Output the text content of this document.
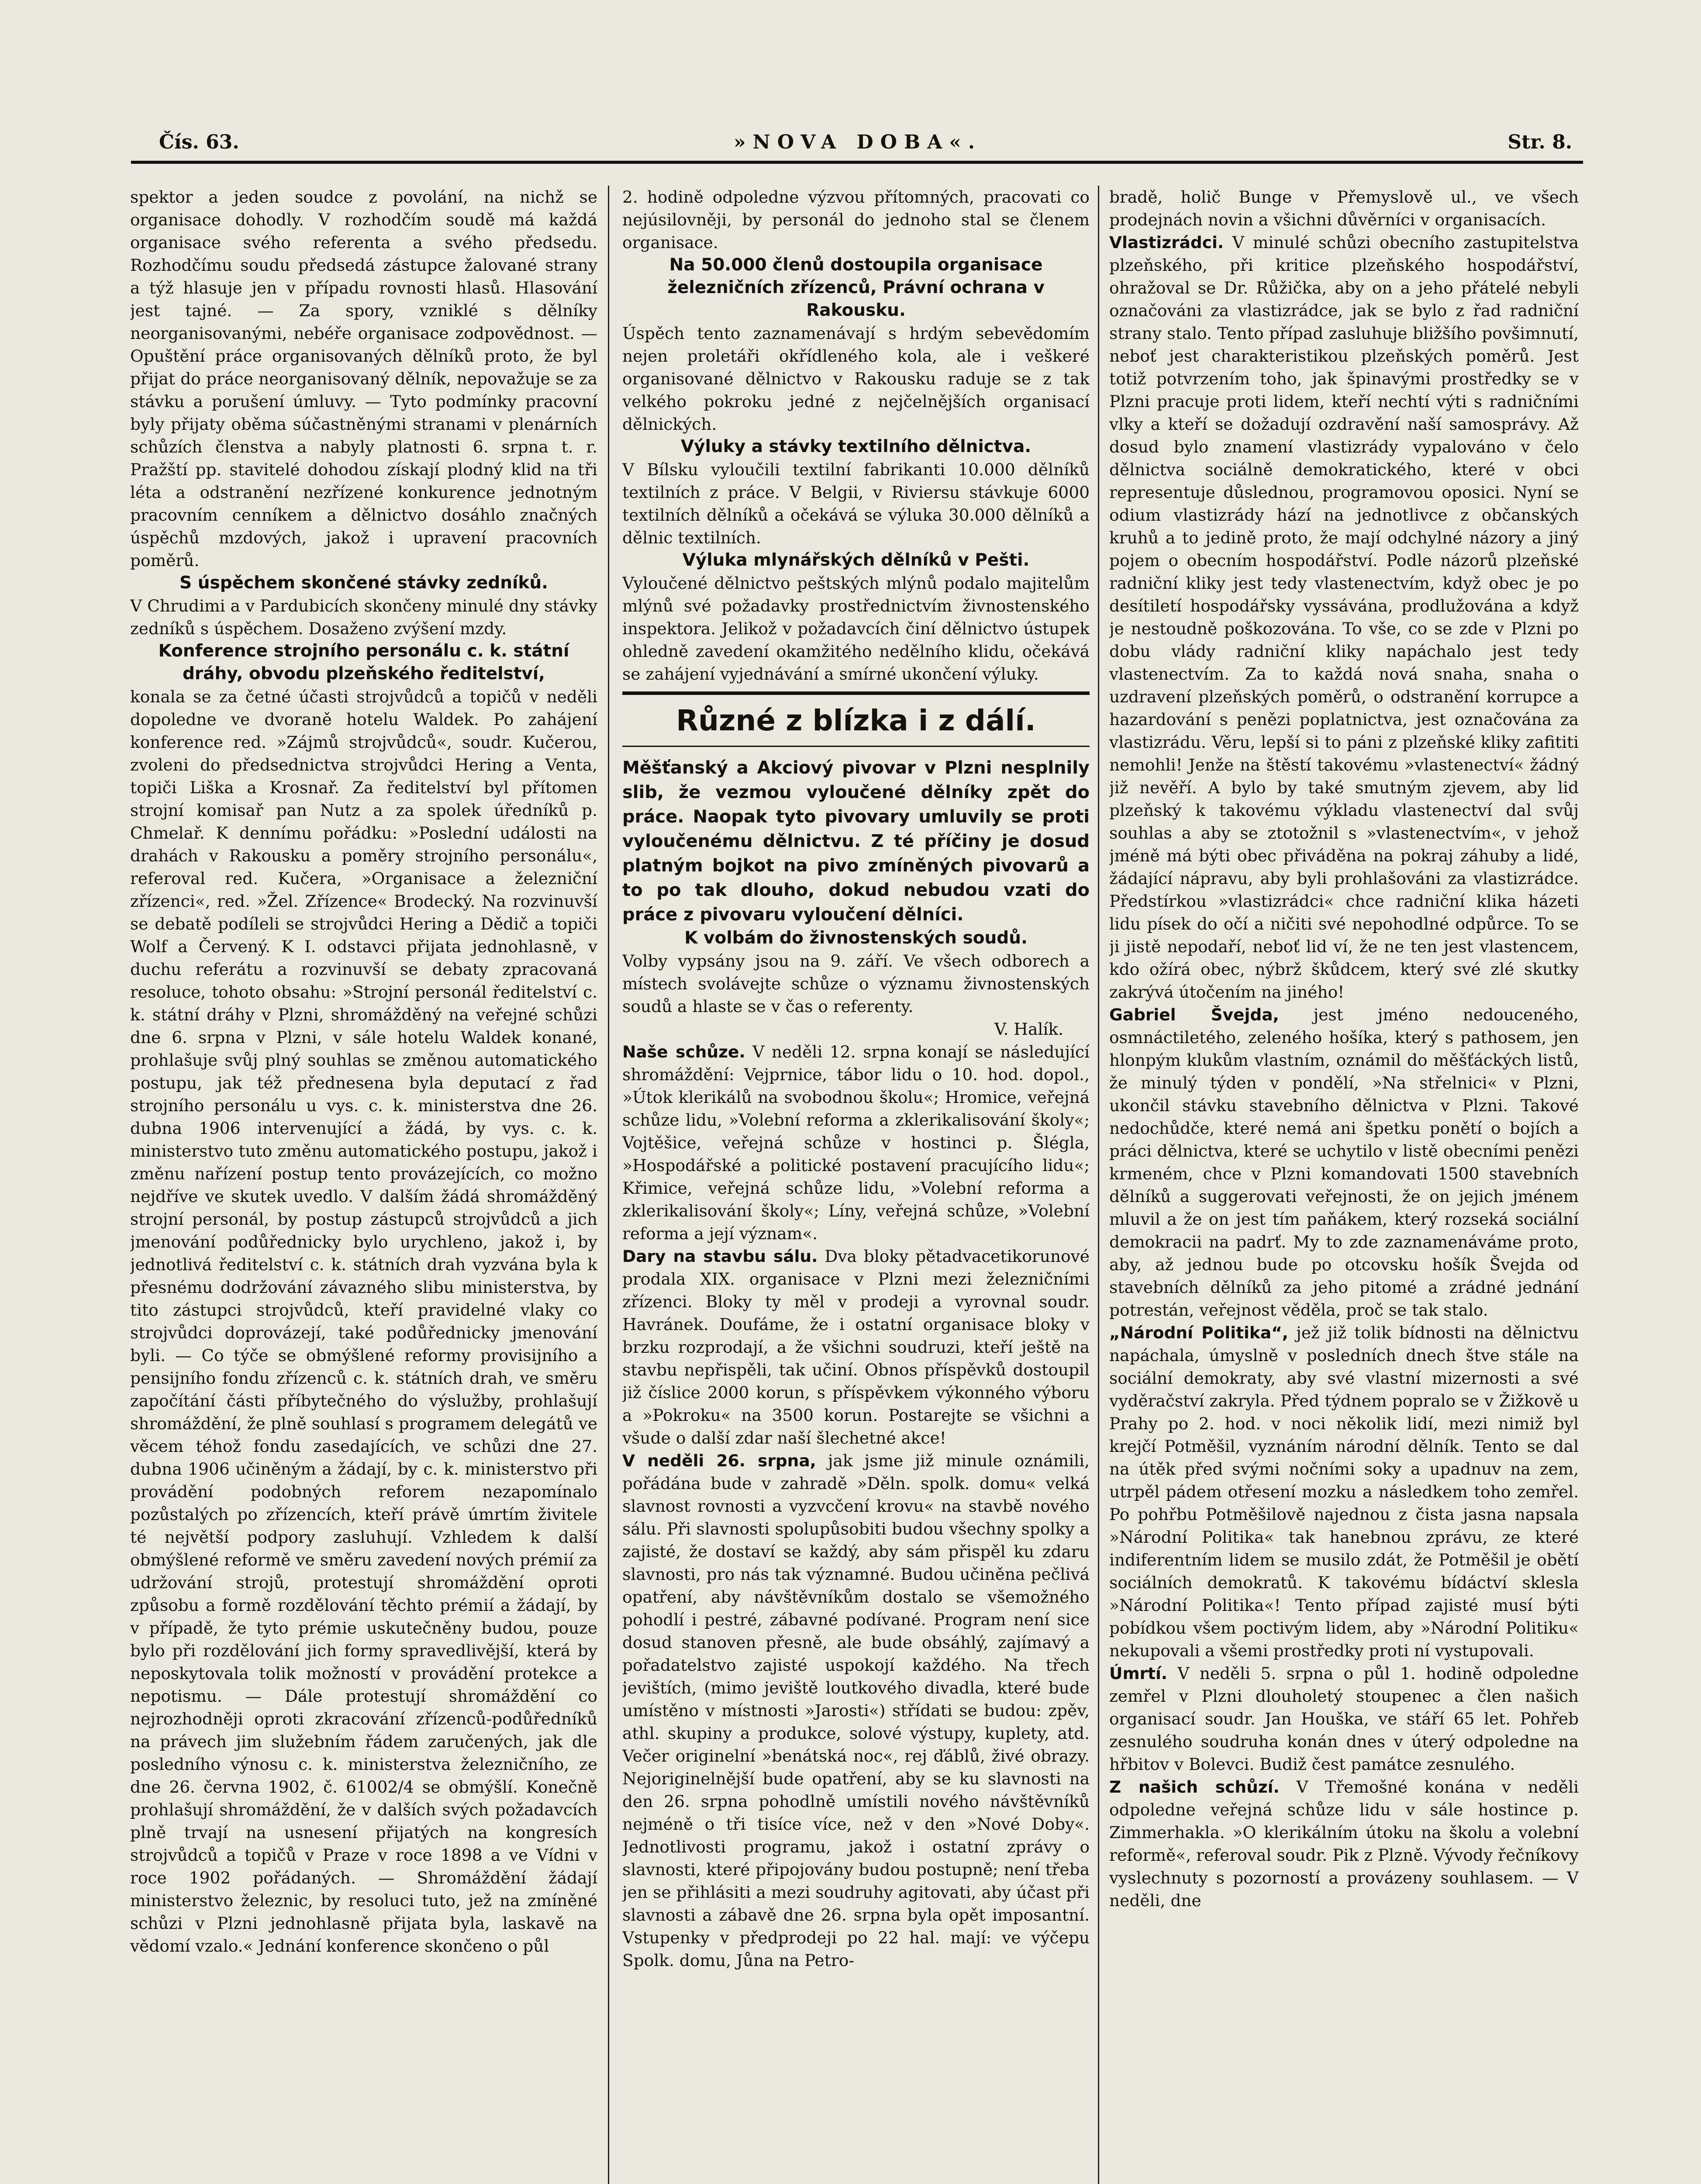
Čís. 63.	»NOVA DOBA«.	Str. 8.

spektor a jeden soudce z povolání, na nichž se organisace dohodly. V rozhodčím soudě má každá organisace svého referenta a svého předsedu. Rozhodčímu soudu předsedá zástupce žalované strany a týž hlasuje jen v případu rovnosti hlasů. Hlasování jest tajné. — Za spory, vzniklé s dělníky neorganisovanými, nebéře organisace zodpovědnost. — Opuštění práce organisovaných dělníků proto, že byl přijat do práce neorganisovaný dělník, nepovažuje se za stávku a porušení úmluvy. — Tyto podmínky pracovní byly přijaty oběma súčastněnými stranami v plenárních schůzích členstva a nabyly platnosti 6. srpna t. r. Pražští pp. stavitelé dohodou získají plodný klid na tři léta a odstranění nezřízené konkurence jednotným pracovním cenníkem a dělnictvo dosáhlo značných úspěchů mzdových, jakož i upravení pracovních poměrů.

S úspěchem skončené stávky zedníků.

V Chrudimi a v Pardubicích skončeny minulé dny stávky zedníků s úspěchem. Dosaženo zvýšení mzdy.

Konference strojního personálu c. k. státní dráhy, obvodu plzeňského ředitelství,

konala se za četné účasti strojvůdců a topičů v neděli dopoledne ve dvoraně hotelu Waldek. Po zahájení konference red. »Zájmů strojvůdců«, soudr. Kučerou, zvoleni do předsednictva strojvůdci Hering a Venta, topiči Liška a Krosnař. Za ředitelství byl přítomen strojní komisař pan Nutz a za spolek úředníků p. Chmelař. K dennímu pořádku: »Poslední události na drahách v Rakousku a poměry strojního personálu«, referoval red. Kučera, »Organisace a železniční zřízenci«, red. »Žel. Zřízence« Brodecký. Na rozvinuvší se debatě podíleli se strojvůdci Hering a Dědič a topiči Wolf a Červený. K I. odstavci přijata jednohlasně, v duchu referátu a rozvinuvší se debaty zpracovaná resoluce, tohoto obsahu: »Strojní personál ředitelství c. k. státní dráhy v Plzni, shromážděný na veřejné schůzi dne 6. srpna v Plzni, v sále hotelu Waldek konané, prohlašuje svůj plný souhlas se změnou automatického postupu, jak též přednesena byla deputací z řad strojního personálu u vys. c. k. ministerstva dne 26. dubna 1906 intervenující a žádá, by vys. c. k. ministerstvo tuto změnu automatického postupu, jakož i změnu nařízení postup tento provázejících, co možno nejdříve ve skutek uvedlo. V dalším žádá shromážděný strojní personál, by postup zástupců strojvůdců a jich jmenování podůřednicky bylo urychleno, jakož i, by jednotlivá ředitelství c. k. státních drah vyzvána byla k přesnému dodržování závazného slibu ministerstva, by tito zástupci strojvůdců, kteří pravidelné vlaky co strojvůdci doprovázejí, také podůřednicky jmenování byli. — Co týče se obmýšlené reformy provisijního a pensijního fondu zřízenců c. k. státních drah, ve směru započítání části příbytečného do výslužby, prohlašují shromáždění, že plně souhlasí s programem delegátů ve věcem téhož fondu zasedajících, ve schůzi dne 27. dubna 1906 učiněným a žádají, by c. k. ministerstvo při provádění podobných reforem nezapomínalo pozůstalých po zřízencích, kteří právě úmrtím živitele té největší podpory zasluhují. Vzhledem k další obmýšlené reformě ve směru zavedení nových prémií za udržování strojů, protestují shromáždění oproti způsobu a formě rozdělování těchto prémií a žádají, by v případě, že tyto prémie uskutečněny budou, pouze bylo při rozdělování jich formy spravedlivější, která by neposkytovala tolik možností v provádění protekce a nepotismu. — Dále protestují shromáždění co nejrozhodněji oproti zkracování zřízenců-podůředníků na právech jim služebním řádem zaručených, jak dle posledního výnosu c. k. ministerstva železničního, ze dne 26. června 1902, č. 61002/4 se obmýšlí. Konečně prohlašují shromáždění, že v dalších svých požadavcích plně trvají na usnesení přijatých na kongresích strojvůdců a topičů v Praze v roce 1898 a ve Vídni v roce 1902 pořádaných. — Shromáždění žádají ministerstvo železnic, by resoluci tuto, jež na zmíněné schůzi v Plzni jednohlasně přijata byla, laskavě na vědomí vzalo.« Jednání konference skončeno o půl

2. hodině odpoledne výzvou přítomných, pracovati co nejúsilovněji, by personál do jednoho stal se členem organisace.

Na 50.000 členů dostoupila organisace železničních zřízenců, Právní ochrana v Rakousku.

Úspěch tento zaznamenávají s hrdým sebevědomím nejen proletáři okřídleného kola, ale i veškeré organisované dělnictvo v Rakousku raduje se z tak velkého pokroku jedné z nejčelnějších organisací dělnických.

Výluky a stávky textilního dělnictva.

V Bílsku vyloučili textilní fabrikanti 10.000 dělníků textilních z práce. V Belgii, v Riviersu stávkuje 6000 textilních dělníků a očekává se výluka 30.000 dělníků a dělnic textilních.

Výluka mlynářských dělníků v Pešti.

Vyloučené dělnictvo peštských mlýnů podalo majitelům mlýnů své požadavky prostřednictvím živnostenského inspektora. Jelikož v požadavcích činí dělnictvo ústupek ohledně zavedení okamžitého nedělního klidu, očekává se zahájení vyjednávání a smírné ukončení výluky.

Různé z blízka i z dálí.

Měšťanský a Akciový pivovar v Plzni nesplnily slib, že vezmou vyloučené dělníky zpět do práce. Naopak tyto pivovary umluvily se proti vyloučenému dělnictvu. Z té příčiny je dosud platným bojkot na pivo zmíněných pivovarů a to po tak dlouho, dokud nebudou vzati do práce z pivovaru vyloučení dělníci.

K volbám do živnostenských soudů.

Volby vypsány jsou na 9. září. Ve všech odborech a místech svolávejte schůze o významu živnostenských soudů a hlaste se v čas o referenty.

V. Halík.

Naše schůze. V neděli 12. srpna konají se následující shromáždění: Vejprnice, tábor lidu o 10. hod. dopol., »Útok klerikálů na svobodnou školu«; Hromice, veřejná schůze lidu, »Volební reforma a zklerikalisování školy«; Vojtěšice, veřejná schůze v hostinci p. Šlégla, »Hospodářské a politické postavení pracujícího lidu«; Křimice, veřejná schůze lidu, »Volební reforma a zklerikalisování školy«; Líny, veřejná schůze, »Volební reforma a její význam«.

Dary na stavbu sálu. Dva bloky pětadvacetikorunové prodala XIX. organisace v Plzni mezi železničními zřízenci. Bloky ty měl v prodeji a vyrovnal soudr. Havránek. Doufáme, že i ostatní organisace bloky v brzku rozprodají, a že všichni soudruzi, kteří ještě na stavbu nepřispěli, tak učiní. Obnos příspěvků dostoupil již číslice 2000 korun, s příspěvkem výkonného výboru a »Pokroku« na 3500 korun. Postarejte se všichni a všude o další zdar naší šlechetné akce!

V neděli 26. srpna, jak jsme již minule oznámili, pořádána bude v zahradě »Děln. spolk. domu« velká slavnost rovnosti a vyzvcčení krovu« na stavbě nového sálu. Při slavnosti spolupůsobiti budou všechny spolky a zajisté, že dostaví se každý, aby sám přispěl ku zdaru slavnosti, pro nás tak významné. Budou učiněna pečlivá opatření, aby návštěvníkům dostalo se všemožného pohodlí i pestré, zábavné podívané. Program není sice dosud stanoven přesně, ale bude obsáhlý, zajímavý a pořadatelstvo zajisté uspokojí každého. Na třech jevištích, (mimo jeviště loutkového divadla, které bude umístěno v místnosti »Jarosti«) střídati se budou: zpěv, athl. skupiny a produkce, solové výstupy, kuplety, atd. Večer originelní »benátská noc«, rej ďáblů, živé obrazy. Nejoriginelnější bude opatření, aby se ku slavnosti na den 26. srpna pohodlně umístili nového návštěvníků nejméně o tři tisíce více, než v den »Nové Doby«. Jednotlivosti programu, jakož i ostatní zprávy o slavnosti, které připojovány budou postupně; není třeba jen se přihlásiti a mezi soudruhy agitovati, aby účast při slavnosti a zábavě dne 26. srpna byla opět imposantní. Vstupenky v předprodeji po 22 hal. mají: ve výčepu Spolk. domu, Jůna na Petro-

bradě, holič Bunge v Přemyslově ul., ve všech prodejnách novin a všichni důvěrníci v organisacích.

Vlastizrádci. V minulé schůzi obecního zastupitelstva plzeňského, při kritice plzeňského hospodářství, ohražoval se Dr. Růžička, aby on a jeho přátelé nebyli označováni za vlastizrádce, jak se bylo z řad radniční strany stalo. Tento případ zasluhuje bližšího povšimnutí, neboť jest charakteristikou plzeňských poměrů. Jest totiž potvrzením toho, jak špinavými prostředky se v Plzni pracuje proti lidem, kteří nechtí výti s radničními vlky a kteří se dožadují ozdravění naší samosprávy. Až dosud bylo znamení vlastizrády vypalováno v čelo dělnictva sociálně demokratického, které v obci representuje důslednou, programovou oposici. Nyní se odium vlastizrády hází na jednotlivce z občanských kruhů a to jedině proto, že mají odchylné názory a jiný pojem o obecním hospodářství. Podle názorů plzeňské radniční kliky jest tedy vlastenectvím, když obec je po desítiletí hospodářsky vyssávána, prodlužována a když je nestoudně poškozována. To vše, co se zde v Plzni po dobu vlády radniční kliky napáchalo jest tedy vlastenectvím. Za to každá nová snaha, snaha o uzdravení plzeňských poměrů, o odstranění korrupce a hazardování s penězi poplatnictva, jest označována za vlastizrádu. Věru, lepší si to páni z plzeňské kliky zafititi nemohli! Jenže na štěstí takovému »vlastenectví« žádný již nevěří. A bylo by také smutným zjevem, aby lid plzeňský k takovému výkladu vlastenectví dal svůj souhlas a aby se ztotožnil s »vlastenectvím«, v jehož jméně má býti obec přiváděna na pokraj záhuby a lidé, žádající nápravu, aby byli prohlašováni za vlastizrádce. Předstírkou »vlastizrádci« chce radniční klika házeti lidu písek do očí a ničiti své nepohodlné odpůrce. To se ji jistě nepodaří, neboť lid ví, že ne ten jest vlastencem, kdo ožírá obec, nýbrž škůdcem, který své zlé skutky zakrývá útočením na jiného!

Gabriel Švejda, jest jméno nedouceného, osmnáctiletého, zeleného hošíka, který s pathosem, jen hlonpým klukům vlastním, oznámil do měšťáckých listů, že minulý týden v pondělí, »Na střelnici« v Plzni, ukončil stávku stavebního dělnictva v Plzni. Takové nedochůdče, které nemá ani špetku ponětí o bojích a práci dělnictva, které se uchytilo v listě obecními penězi krmeném, chce v Plzni komandovati 1500 stavebních dělníků a suggerovati veřejnosti, že on jejich jménem mluvil a že on jest tím paňákem, který rozseká sociální demokracii na padrť. My to zde zaznamenáváme proto, aby, až jednou bude po otcovsku hošík Švejda od stavebních dělníků za jeho pitomé a zrádné jednání potrestán, veřejnost věděla, proč se tak stalo.

„Národní Politika“, jež již tolik bídnosti na dělnictvu napáchala, úmyslně v posledních dnech štve stále na sociální demokraty, aby své vlastní mizernosti a své vyděračství zakryla. Před týdnem popralo se v Žižkově u Prahy po 2. hod. v noci několik lidí, mezi nimiž byl krejčí Potměšil, vyznáním národní dělník. Tento se dal na útěk před svými nočními soky a upadnuv na zem, utrpěl pádem otřesení mozku a následkem toho zemřel. Po pohřbu Potměšilově najednou z čista jasna napsala »Národní Politika« tak hanebnou zprávu, ze které indiferentním lidem se musilo zdát, že Potměšil je obětí sociálních demokratů. K takovému bídáctví sklesla »Národní Politika«! Tento případ zajisté musí býti pobídkou všem poctivým lidem, aby »Národní Politiku« nekupovali a všemi prostředky proti ní vystupovali.

Úmrtí. V neděli 5. srpna o půl 1. hodině odpoledne zemřel v Plzni dlouholetý stoupenec a člen našich organisací soudr. Jan Houška, ve stáří 65 let. Pohřeb zesnulého soudruha konán dnes v úterý odpoledne na hřbitov v Bolevci. Budiž čest památce zesnulého.

Z našich schůzí. V Třemošné konána v neděli odpoledne veřejná schůze lidu v sále hostince p. Zimmerhakla. »O klerikálním útoku na školu a volební reformě«, referoval soudr. Pik z Plzně. Vývody řečníkovy vyslechnuty s pozorností a provázeny souhlasem. — V neděli, dne
